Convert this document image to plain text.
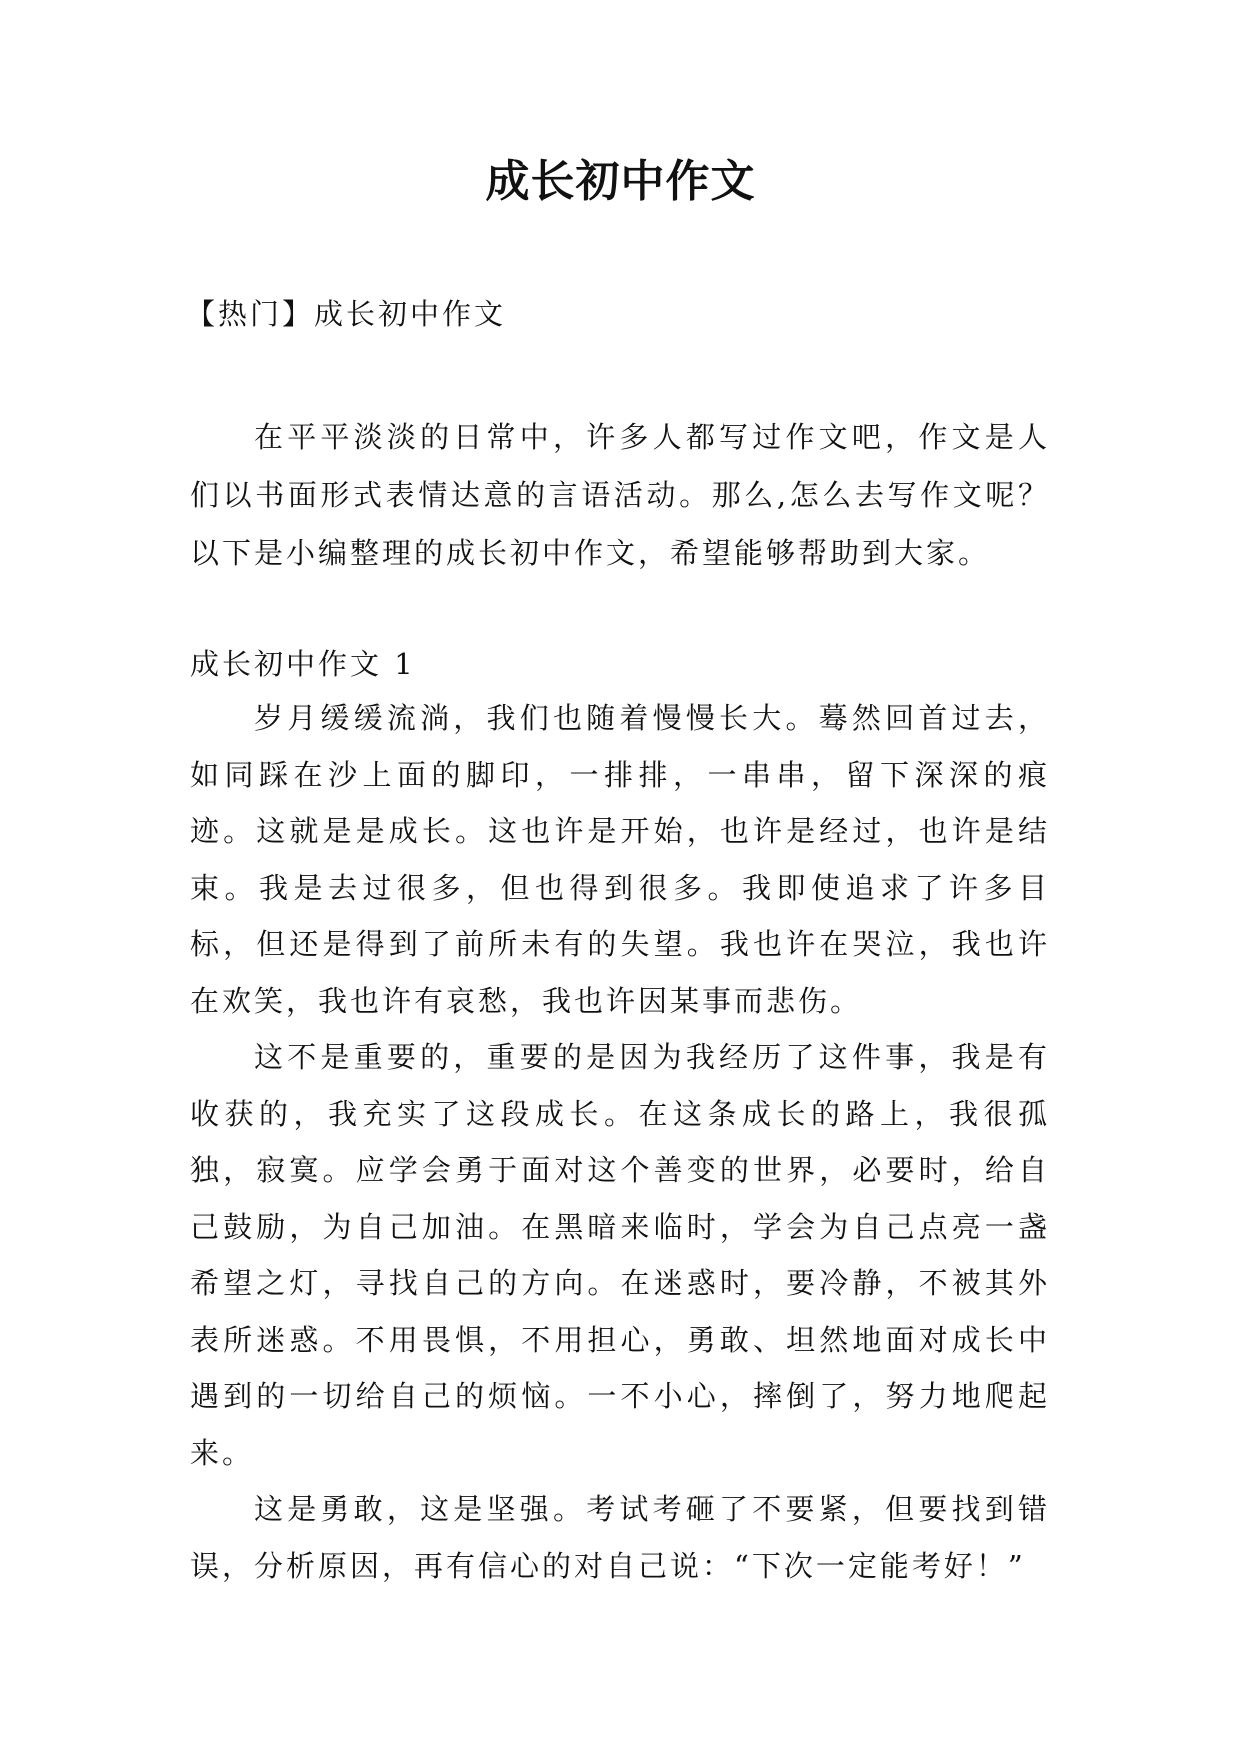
成长初中作文

【热门】成长初中作文

在平平淡淡的日常中，许多人都写过作文吧，作文是人们以书面形式表情达意的言语活动。那么,怎么去写作文呢？以下是小编整理的成长初中作文，希望能够帮助到大家。

成长初中作文 1

岁月缓缓流淌，我们也随着慢慢长大。蓦然回首过去，如同踩在沙上面的脚印，一排排，一串串，留下深深的痕迹。这就是是成长。这也许是开始，也许是经过，也许是结束。我是去过很多，但也得到很多。我即使追求了许多目标，但还是得到了前所未有的失望。我也许在哭泣，我也许在欢笑，我也许有哀愁，我也许因某事而悲伤。

这不是重要的，重要的是因为我经历了这件事，我是有收获的，我充实了这段成长。在这条成长的路上，我很孤独，寂寞。应学会勇于面对这个善变的世界，必要时，给自己鼓励，为自己加油。在黑暗来临时，学会为自己点亮一盏希望之灯，寻找自己的方向。在迷惑时，要冷静，不被其外表所迷惑。不用畏惧，不用担心，勇敢、坦然地面对成长中遇到的一切给自己的烦恼。一不小心，摔倒了，努力地爬起来。

这是勇敢，这是坚强。考试考砸了不要紧，但要找到错误，分析原因，再有信心的对自己说：“下次一定能考好！”
